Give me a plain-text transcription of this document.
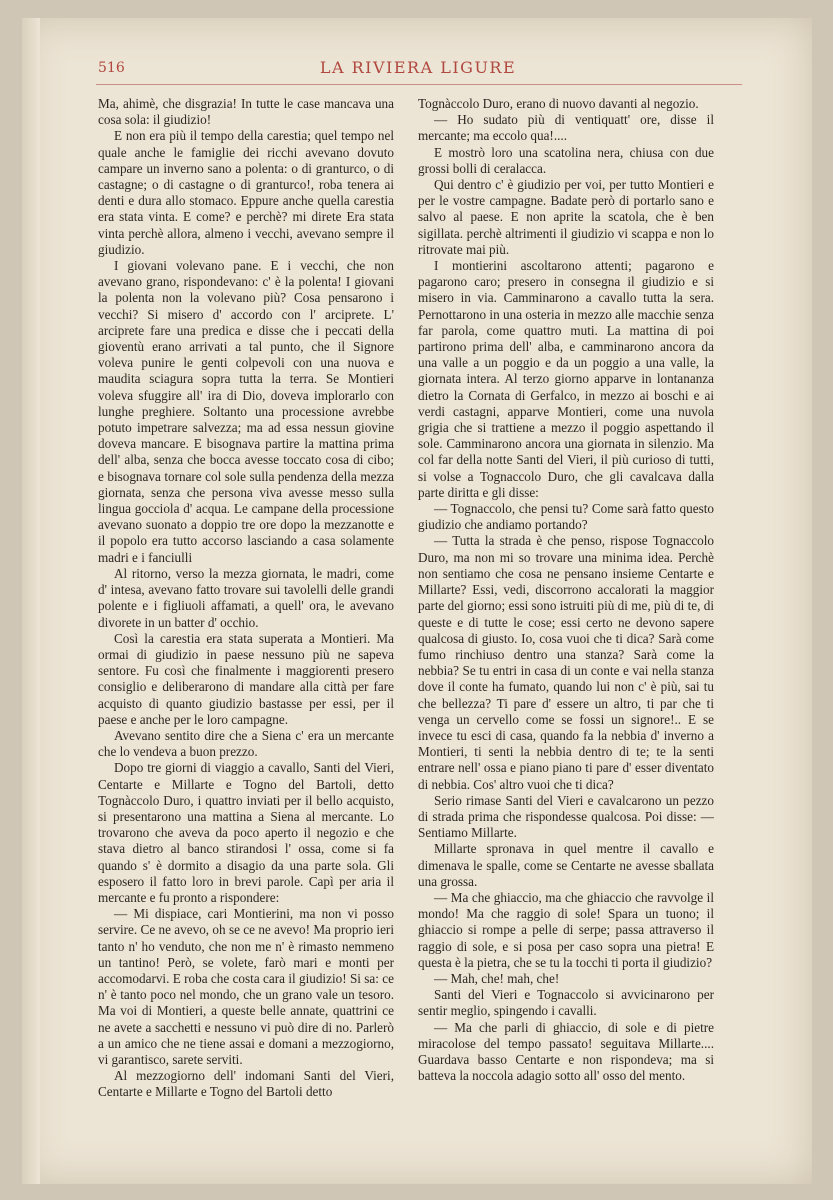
516	LA RIVIERA LIGURE

Ma, ahimè, che disgrazia! In tutte le case mancava una cosa sola: il giudizio!

E non era più il tempo della carestia; quel tempo nel quale anche le famiglie dei ricchi avevano dovuto campare un inverno sano a polenta: o di granturco, o di castagne; o di castagne o di granturco!, roba tenera ai denti e dura allo stomaco. Eppure anche quella carestia era stata vinta. E come? e perchè? mi direte Era stata vinta perchè allora, almeno i vecchi, avevano sempre il giudizio.

I giovani volevano pane. E i vecchi, che non avevano grano, rispondevano: c' è la polenta! I giovani la polenta non la volevano più? Cosa pensarono i vecchi? Si misero d' accordo con l' arciprete. L' arciprete fare una predica e disse che i peccati della gioventù erano arrivati a tal punto, che il Signore voleva punire le genti colpevoli con una nuova e maudita sciagura sopra tutta la terra. Se Montieri voleva sfuggire all' ira di Dio, doveva implorarlo con lunghe preghiere. Soltanto una processione avrebbe potuto impetrare salvezza; ma ad essa nessun giovine doveva mancare. E bisognava partire la mattina prima dell' alba, senza che bocca avesse toccato cosa di cibo; e bisognava tornare col sole sulla pendenza della mezza giornata, senza che persona viva avesse messo sulla lingua gocciola d' acqua. Le campane della processione avevano suonato a doppio tre ore dopo la mezzanotte e il popolo era tutto accorso lasciando a casa solamente madri e i fanciulli

Al ritorno, verso la mezza giornata, le madri, come d' intesa, avevano fatto trovare sui tavolelli delle grandi polente e i figliuoli affamati, a quell' ora, le avevano divorete in un batter d' occhio.

Così la carestia era stata superata a Montieri. Ma ormai di giudizio in paese nessuno più ne sapeva sentore. Fu così che finalmente i maggiorenti presero consiglio e deliberarono di mandare alla città per fare acquisto di quanto giudizio bastasse per essi, per il paese e anche per le loro campagne.

Avevano sentito dire che a Siena c' era un mercante che lo vendeva a buon prezzo.

Dopo tre giorni di viaggio a cavallo, Santi del Vieri, Centarte e Millarte e Togno del Bartoli, detto Tognàccolo Duro, i quattro inviati per il bello acquisto, si presentarono una mattina a Siena al mercante. Lo trovarono che aveva da poco aperto il negozio e che stava dietro al banco stirandosi l' ossa, come si fa quando s' è dormito a disagio da una parte sola. Gli esposero il fatto loro in brevi parole. Capì per aria il mercante e fu pronto a rispondere:

— Mi dispiace, cari Montierini, ma non vi posso servire. Ce ne avevo, oh se ce ne avevo! Ma proprio ieri tanto n' ho venduto, che non me n' è rimasto nemmeno un tantino! Però, se volete, farò mari e monti per accomodarvi. E roba che costa cara il giudizio! Si sa: ce n' è tanto poco nel mondo, che un grano vale un tesoro. Ma voi di Montieri, a queste belle annate, quattrini ce ne avete a sacchetti e nessuno vi può dire di no. Parlerò a un amico che ne tiene assai e domani a mezzogiorno, vi garantisco, sarete serviti.

Al mezzogiorno dell' indomani Santi del Vieri, Centarte e Millarte e Togno del Bartoli detto

Tognàccolo Duro, erano di nuovo davanti al negozio.

— Ho sudato più di ventiquatt' ore, disse il mercante; ma eccolo qua!....

E mostrò loro una scatolina nera, chiusa con due grossi bolli di ceralacca.

Qui dentro c' è giudizio per voi, per tutto Montieri e per le vostre campagne. Badate però di portarlo sano e salvo al paese. E non aprite la scatola, che è ben sigillata. perchè altrimenti il giudizio vi scappa e non lo ritrovate mai più.

I montierini ascoltarono attenti; pagarono e pagarono caro; presero in consegna il giudizio e si misero in via. Camminarono a cavallo tutta la sera. Pernottarono in una osteria in mezzo alle macchie senza far parola, come quattro muti. La mattina di poi partirono prima dell' alba, e camminarono ancora da una valle a un poggio e da un poggio a una valle, la giornata intera. Al terzo giorno apparve in lontananza dietro la Cornata di Gerfalco, in mezzo ai boschi e ai verdi castagni, apparve Montieri, come una nuvola grigia che si trattiene a mezzo il poggio aspettando il sole. Camminarono ancora una giornata in silenzio. Ma col far della notte Santi del Vieri, il più curioso di tutti, si volse a Tognaccolo Duro, che gli cavalcava dalla parte diritta e gli disse:

— Tognaccolo, che pensi tu? Come sarà fatto questo giudizio che andiamo portando?

— Tutta la strada è che penso, rispose Tognaccolo Duro, ma non mi so trovare una minima idea. Perchè non sentiamo che cosa ne pensano insieme Centarte e Millarte? Essi, vedi, discorrono accalorati la maggior parte del giorno; essi sono istruiti più di me, più di te, di queste e di tutte le cose; essi certo ne devono sapere qualcosa di giusto. Io, cosa vuoi che ti dica? Sarà come fumo rinchiuso dentro una stanza? Sarà come la nebbia? Se tu entri in casa di un conte e vai nella stanza dove il conte ha fumato, quando lui non c' è più, sai tu che bellezza? Ti pare d' essere un altro, ti par che ti venga un cervello come se fossi un signore!.. E se invece tu esci di casa, quando fa la nebbia d' inverno a Montieri, ti senti la nebbia dentro di te; te la senti entrare nell' ossa e piano piano ti pare d' esser diventato di nebbia. Cos' altro vuoi che ti dica?

Serio rimase Santi del Vieri e cavalcarono un pezzo di strada prima che rispondesse qualcosa. Poi disse: — Sentiamo Millarte.

Millarte spronava in quel mentre il cavallo e dimenava le spalle, come se Centarte ne avesse sballata una grossa.

— Ma che ghiaccio, ma che ghiaccio che ravvolge il mondo! Ma che raggio di sole! Spara un tuono; il ghiaccio si rompe a pelle di serpe; passa attraverso il raggio di sole, e si posa per caso sopra una pietra! E questa è la pietra, che se tu la tocchi ti porta il giudizio?

— Mah, che! mah, che!

Santi del Vieri e Tognaccolo si avvicinarono per sentir meglio, spingendo i cavalli.

— Ma che parli di ghiaccio, di sole e di pietre miracolose del tempo passato! seguitava Millarte.... Guardava basso Centarte e non rispondeva; ma si batteva la noccola adagio sotto all' osso del mento.
